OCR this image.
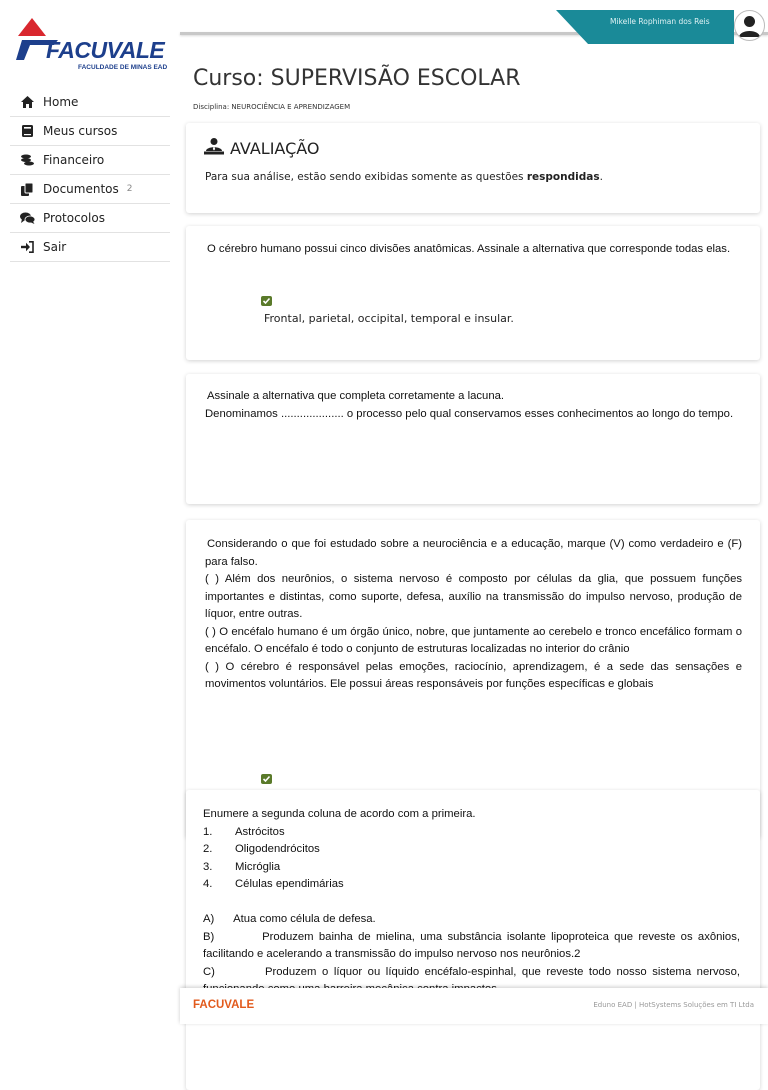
FACUVALE
FACULDADE DE MINAS EAD
Home
Meus cursos
Financeiro
Documentos 2
Protocolos
Sair
Mikelle Rophiman dos Reis
Curso: SUPERVISÃO ESCOLAR
Disciplina: NEUROCIÊNCIA E APRENDIZAGEM
AVALIAÇÃO
Para sua análise, estão sendo exibidas somente as questões respondidas.

O cérebro humano possui cinco divisões anatômicas. Assinale a alternativa que corresponde todas elas.

Frontal, parietal, occipital, temporal e insular.

Assinale a alternativa que completa corretamente a lacuna.

Denominamos .................... o processo pelo qual conservamos esses conhecimentos ao longo do tempo.

Considerando o que foi estudado sobre a neurociência e a educação, marque (V) como verdadeiro e (F) para falso.

( ) Além dos neurônios, o sistema nervoso é composto por células da glia, que possuem funções importantes e distintas, como suporte, defesa, auxílio na transmissão do impulso nervoso, produção de líquor, entre outras.

( ) O encéfalo humano é um órgão único, nobre, que juntamente ao cerebelo e tronco encefálico formam o encéfalo. O encéfalo é todo o conjunto de estruturas localizadas no interior do crânio

( ) O cérebro é responsável pelas emoções, raciocínio, aprendizagem, é a sede das sensações e movimentos voluntários. Ele possui áreas responsáveis por funções específicas e globais

Enumere a segunda coluna de acordo com a primeira.

1.	Astrócitos
2.	Oligodendrócitos
3.	Micróglia
4.	Células ependimárias

A)      Atua como célula de defesa.

B)         Produzem bainha de mielina, uma substância isolante lipoproteica que reveste os axônios, facilitando e acelerando a transmissão do impulso nervoso nos neurônios.2

C)         Produzem o líquor ou líquido encéfalo-espinhal, que reveste todo nosso sistema nervoso,

FACUVALE	Eduno EAD | HotSystems Soluções em TI Ltda
